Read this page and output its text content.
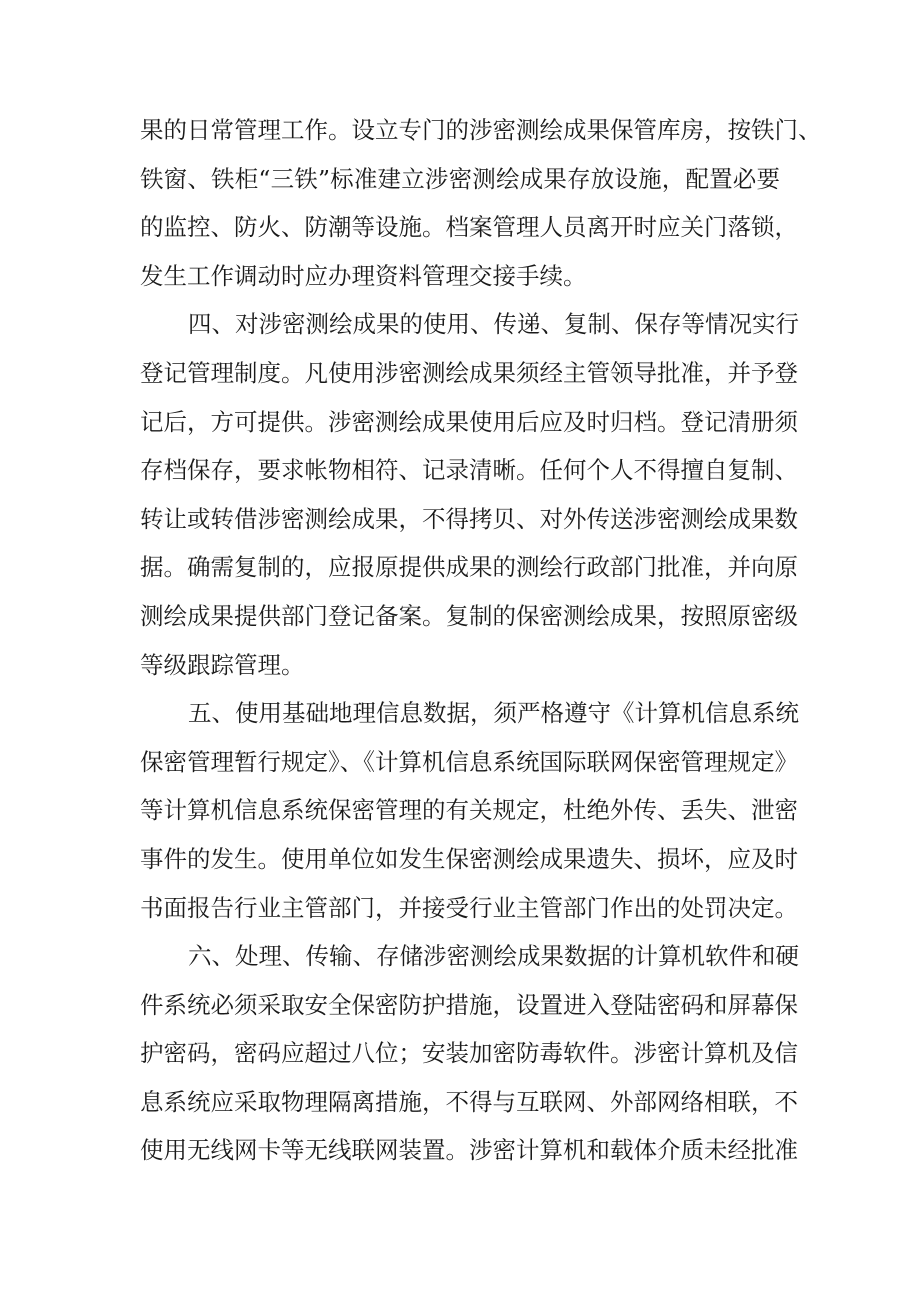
果的日常管理工作。设立专门的涉密测绘成果保管库房，按铁门、
铁窗、铁柜“三铁”标准建立涉密测绘成果存放设施，配置必要
的监控、防火、防潮等设施。档案管理人员离开时应关门落锁，
发生工作调动时应办理资料管理交接手续。
四、对涉密测绘成果的使用、传递、复制、保存等情况实行
登记管理制度。凡使用涉密测绘成果须经主管领导批准，并予登
记后，方可提供。涉密测绘成果使用后应及时归档。登记清册须
存档保存，要求帐物相符、记录清晰。任何个人不得擅自复制、
转让或转借涉密测绘成果，不得拷贝、对外传送涉密测绘成果数
据。确需复制的，应报原提供成果的测绘行政部门批准，并向原
测绘成果提供部门登记备案。复制的保密测绘成果，按照原密级
等级跟踪管理。
五、使用基础地理信息数据，须严格遵守《计算机信息系统
保密管理暂行规定》、《计算机信息系统国际联网保密管理规定》
等计算机信息系统保密管理的有关规定，杜绝外传、丢失、泄密
事件的发生。使用单位如发生保密测绘成果遗失、损坏，应及时
书面报告行业主管部门，并接受行业主管部门作出的处罚决定。
六、处理、传输、存储涉密测绘成果数据的计算机软件和硬
件系统必须采取安全保密防护措施，设置进入登陆密码和屏幕保
护密码，密码应超过八位；安装加密防毒软件。涉密计算机及信
息系统应采取物理隔离措施，不得与互联网、外部网络相联，不
使用无线网卡等无线联网装置。涉密计算机和载体介质未经批准
